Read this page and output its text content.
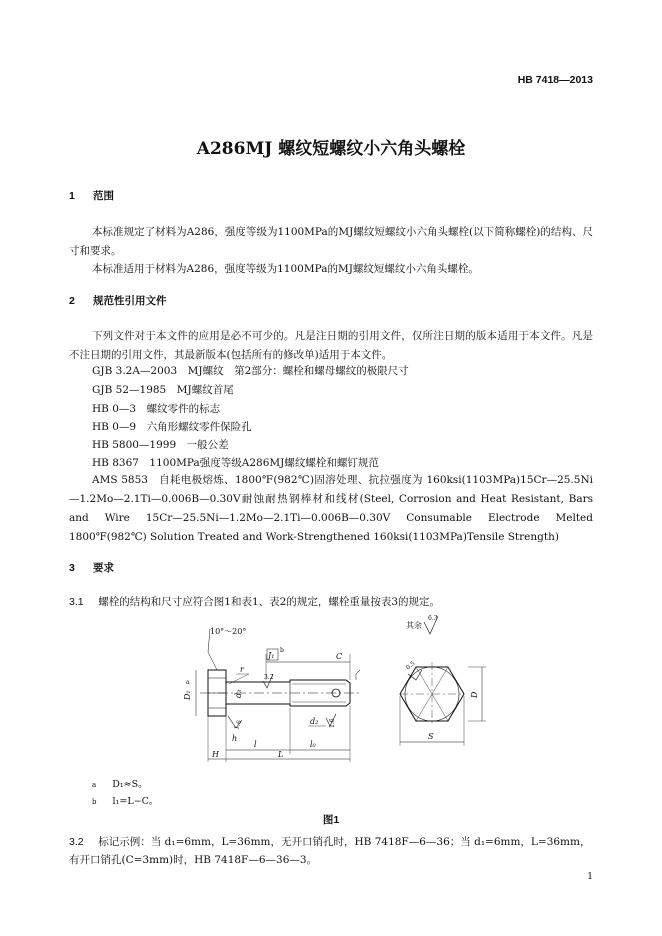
HB 7418—2013
A286MJ 螺纹短螺纹小六角头螺栓
1 范围
本标准规定了材料为A286，强度等级为1100MPa的MJ螺纹短螺纹小六角头螺栓(以下简称螺栓)的结构、尺寸和要求。
本标准适用于材料为A286，强度等级为1100MPa的MJ螺纹短螺纹小六角头螺栓。
2 规范性引用文件
下列文件对于本文件的应用是必不可少的。凡是注日期的引用文件，仅所注日期的版本适用于本文件。凡是不注日期的引用文件，其最新版本(包括所有的修改单)适用于本文件。
GJB 3.2A—2003　MJ螺纹　第2部分：螺栓和螺母螺纹的极限尺寸
GJB 52—1985　MJ螺纹首尾
HB 0—3　螺纹零件的标志
HB 0—9　六角形螺纹零件保险孔
HB 5800—1999　一般公差
HB 8367　1100MPa强度等级A286MJ螺纹螺栓和螺钉规范
AMS 5853　自耗电极熔炼、1800℉(982℃)固溶处理、抗拉强度为 160ksi(1103MPa)15Cr—25.5Ni—1.2Mo—2.1Ti—0.006B—0.30V耐蚀耐热钢棒材和线材(Steel, Corrosion and Heat Resistant, Bars and Wire 15Cr—25.5Ni—1.2Mo—2.1Ti—0.006B—0.30V Consumable Electrode Melted 1800℉(982℃) Solution Treated and Work-Strengthened 160ksi(1103MPa)Tensile Strength)
3 要求
3.1 螺栓的结构和尺寸应符合图1和表1、表2的规定，螺栓重量按表3的规定。
10°～20°
J₁
b
C
r
d₃
3.2
D₁
a
1.6
h
d₂ 1.6
l	l₀
H	L
其余
6.3
0.5
D
S
a D₁≈S。
b l₁=L−C。
图1
3.2 标记示例：当 d₁=6mm，L=36mm，无开口销孔时，HB 7418F—6—36；当 d₁=6mm，L=36mm，
有开口销孔(C=3mm)时，HB 7418F—6—36—3。
1
